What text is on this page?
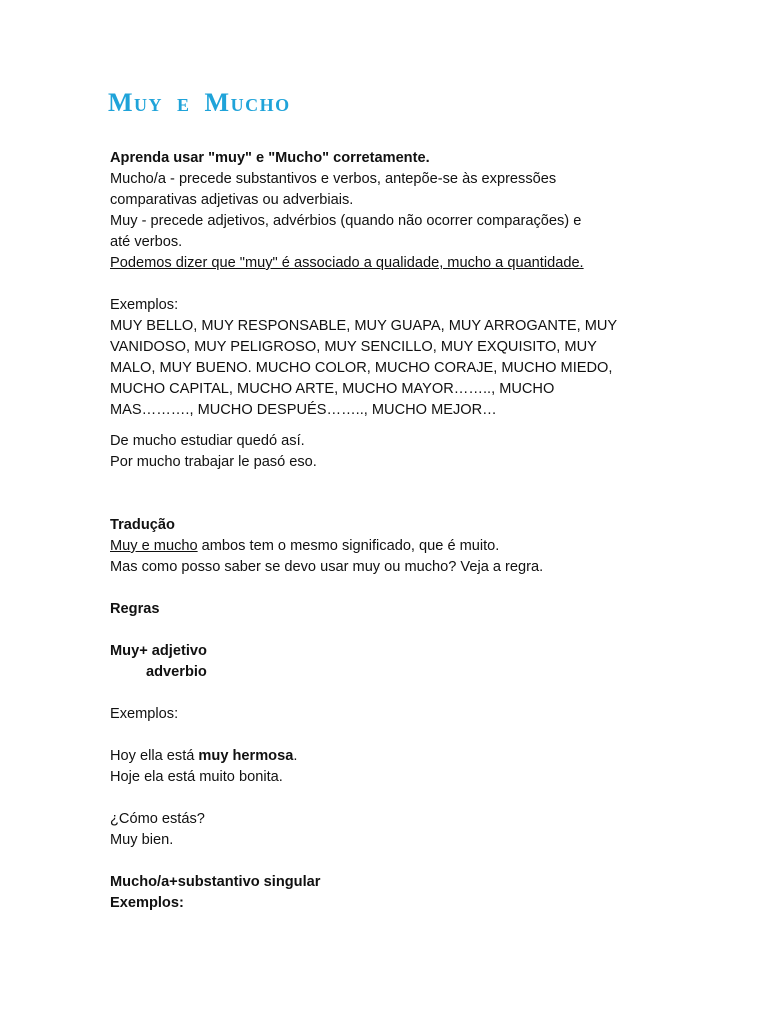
Muy e Mucho
Aprenda usar "muy" e "Mucho" corretamente.
Mucho/a - precede substantivos e verbos, antepõe-se às expressões
comparativas adjetivas ou adverbiais.
Muy - precede adjetivos, advérbios (quando não ocorrer comparações) e
até verbos.
Podemos dizer que "muy" é associado a qualidade, mucho a quantidade.
Exemplos:
MUY BELLO, MUY RESPONSABLE, MUY GUAPA, MUY ARROGANTE, MUY
VANIDOSO, MUY PELIGROSO, MUY SENCILLO, MUY EXQUISITO, MUY
MALO, MUY BUENO. MUCHO COLOR, MUCHO CORAJE, MUCHO MIEDO,
MUCHO CAPITAL, MUCHO ARTE, MUCHO MAYOR…….., MUCHO
MAS………., MUCHO DESPUÉS…….., MUCHO MEJOR…
De mucho estudiar quedó así.
Por mucho trabajar le pasó eso.
Tradução
Muy e mucho ambos tem o mesmo significado, que é muito.
Mas como posso saber se devo usar muy ou mucho? Veja a regra.
Regras
Muy+ adjetivo
adverbio
Exemplos:
Hoy ella está muy hermosa.
Hoje ela está muito bonita.
¿Cómo estás?
Muy bien.
Mucho/a+substantivo singular
Exemplos:
